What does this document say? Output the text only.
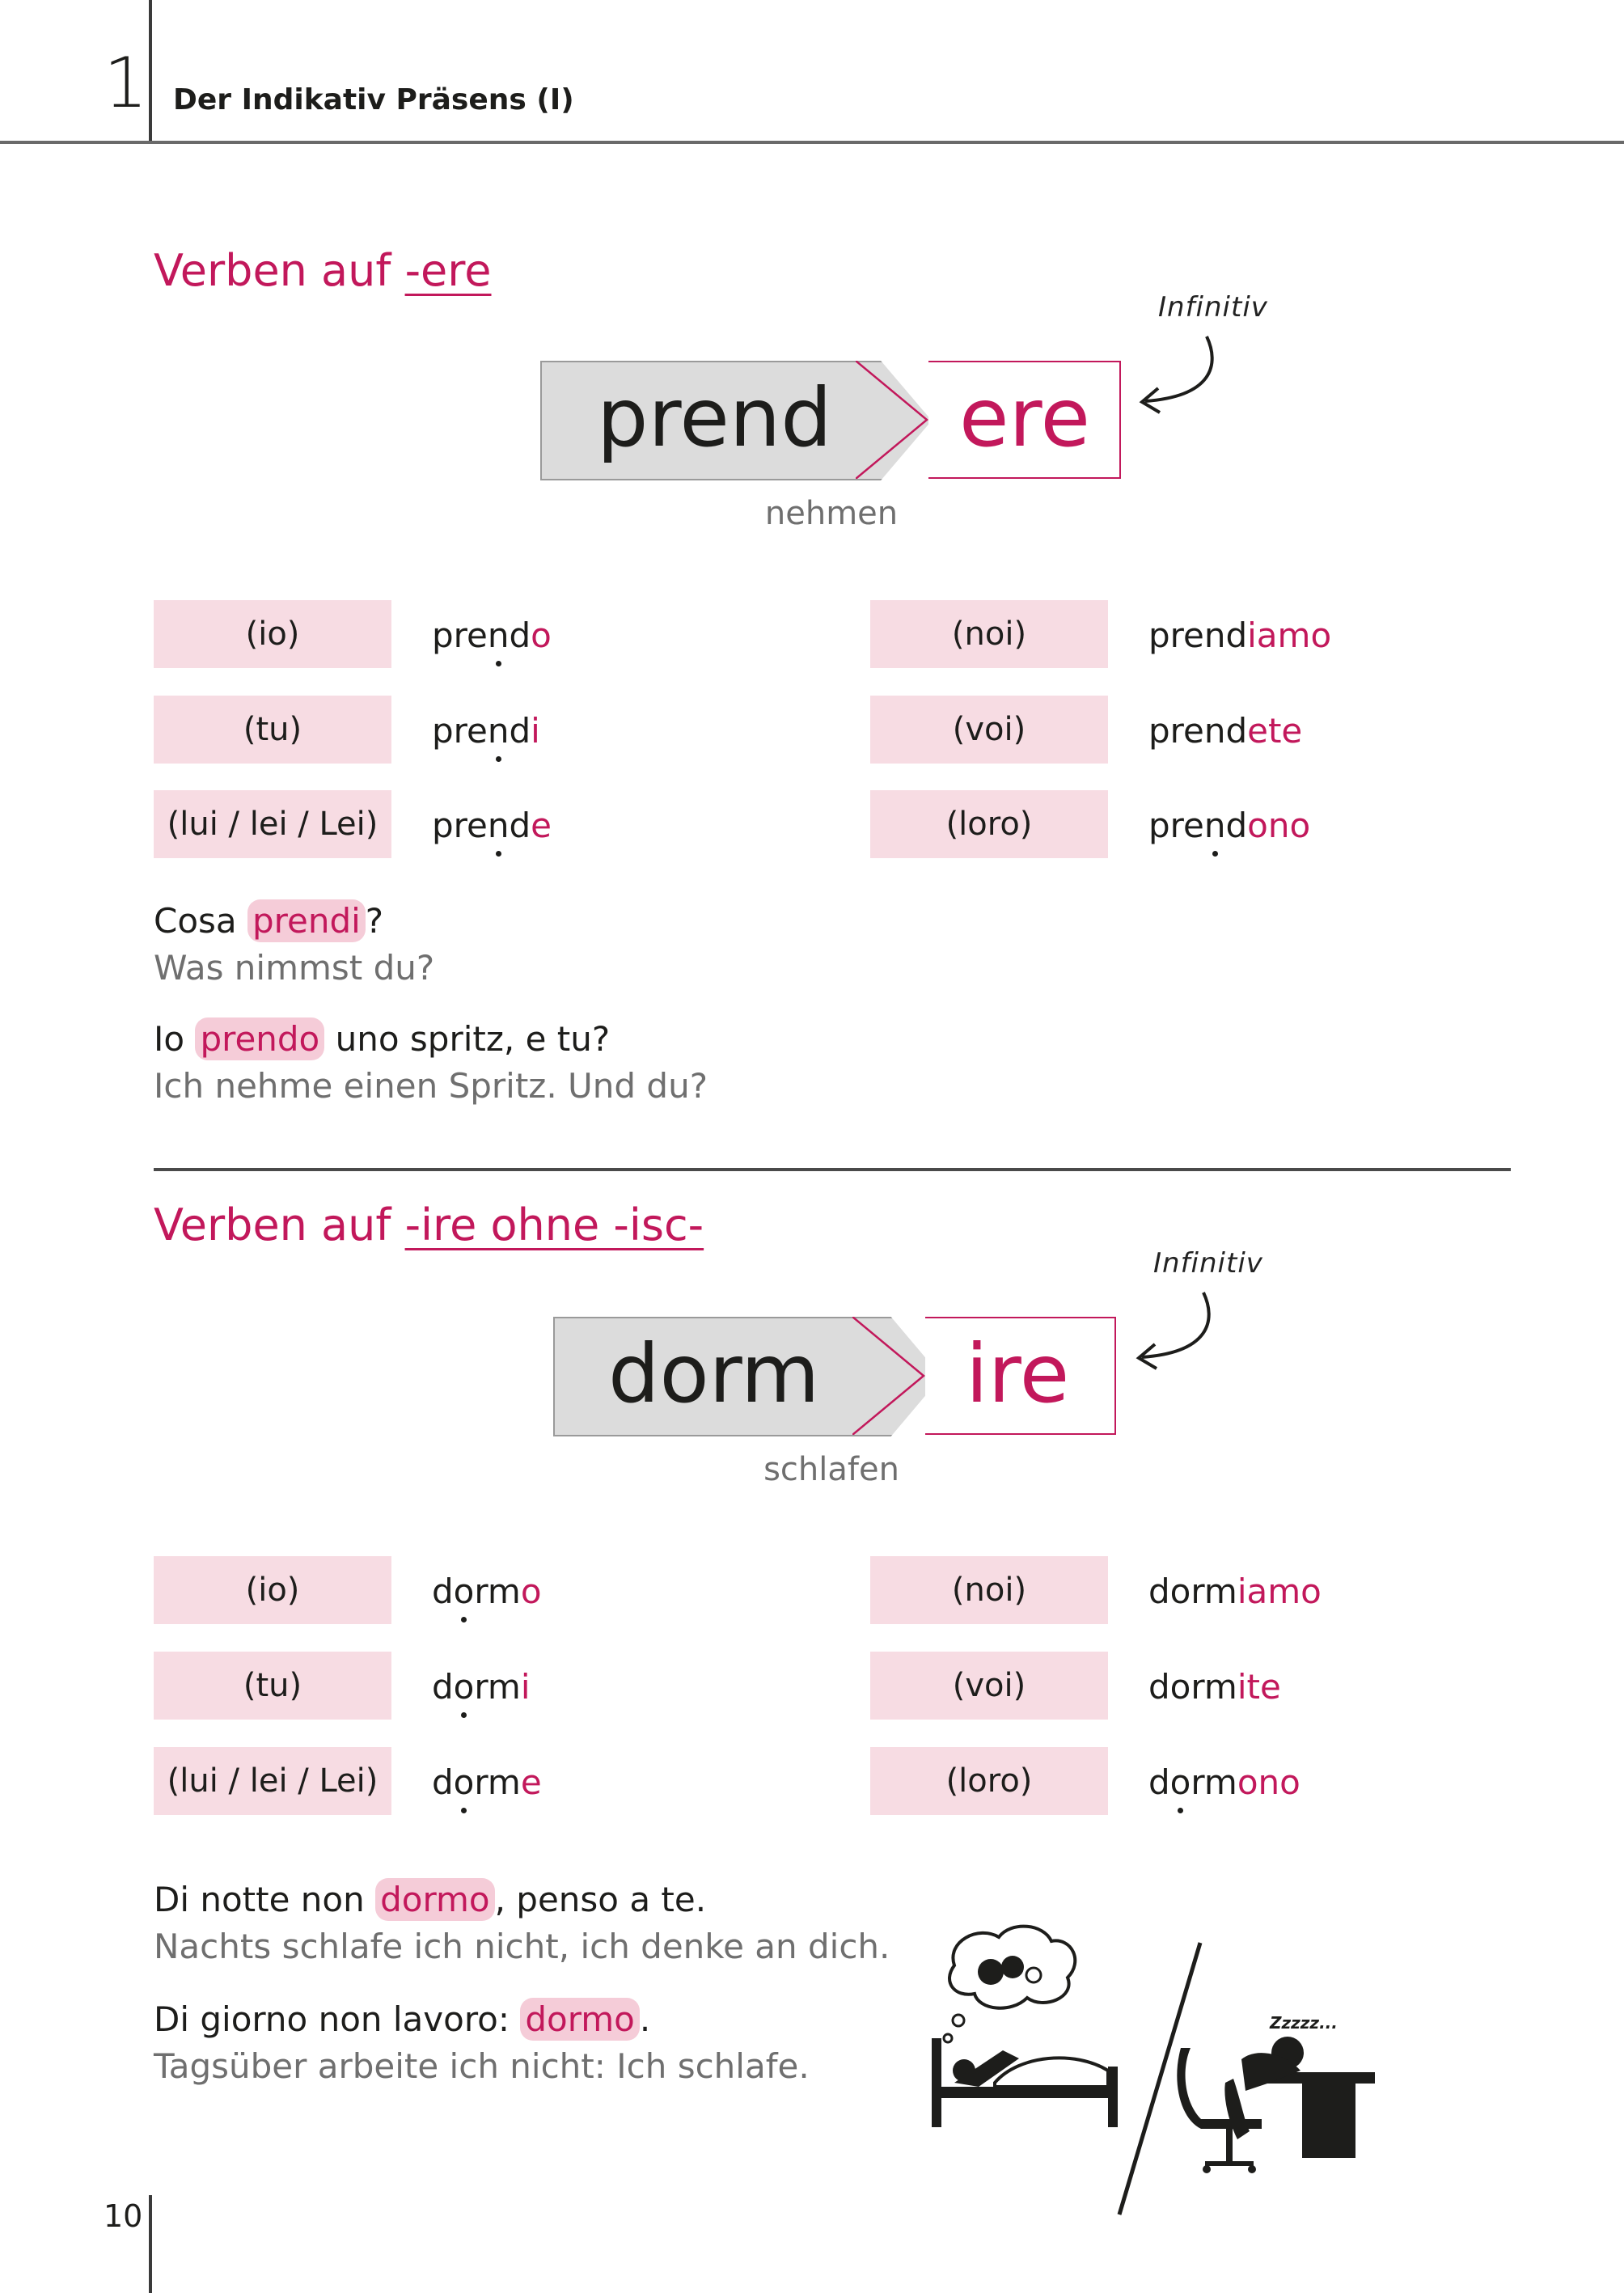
1 Der Indikativ Präsens (I)
Verben auf -ere
Infinitiv
prend ere
nehmen
(io)
(tu)
(lui / lei / Lei)
(noi)
(voi)
(loro)
prendo
prendi
prende
prendiamo
prendete
prendono
Cosa prendi ?
Was nimmst du?
Io prendo uno spritz, e tu?
Ich nehme einen Spritz. Und du?
Verben auf -ire ohne -isc-
Infinitiv
dorm ire
schlafen
(io)
(tu)
(lui / lei / Lei)
(noi)
(voi)
(loro)
dormo
dormi
dorme
dormiamo
dormite
dormono
Di notte non dormo , penso a te.
Nachts schlafe ich nicht, ich denke an dich.
Di giorno non lavoro: dormo .
Tagsüber arbeite ich nicht: Ich schlafe.
Zzzzz...
10
